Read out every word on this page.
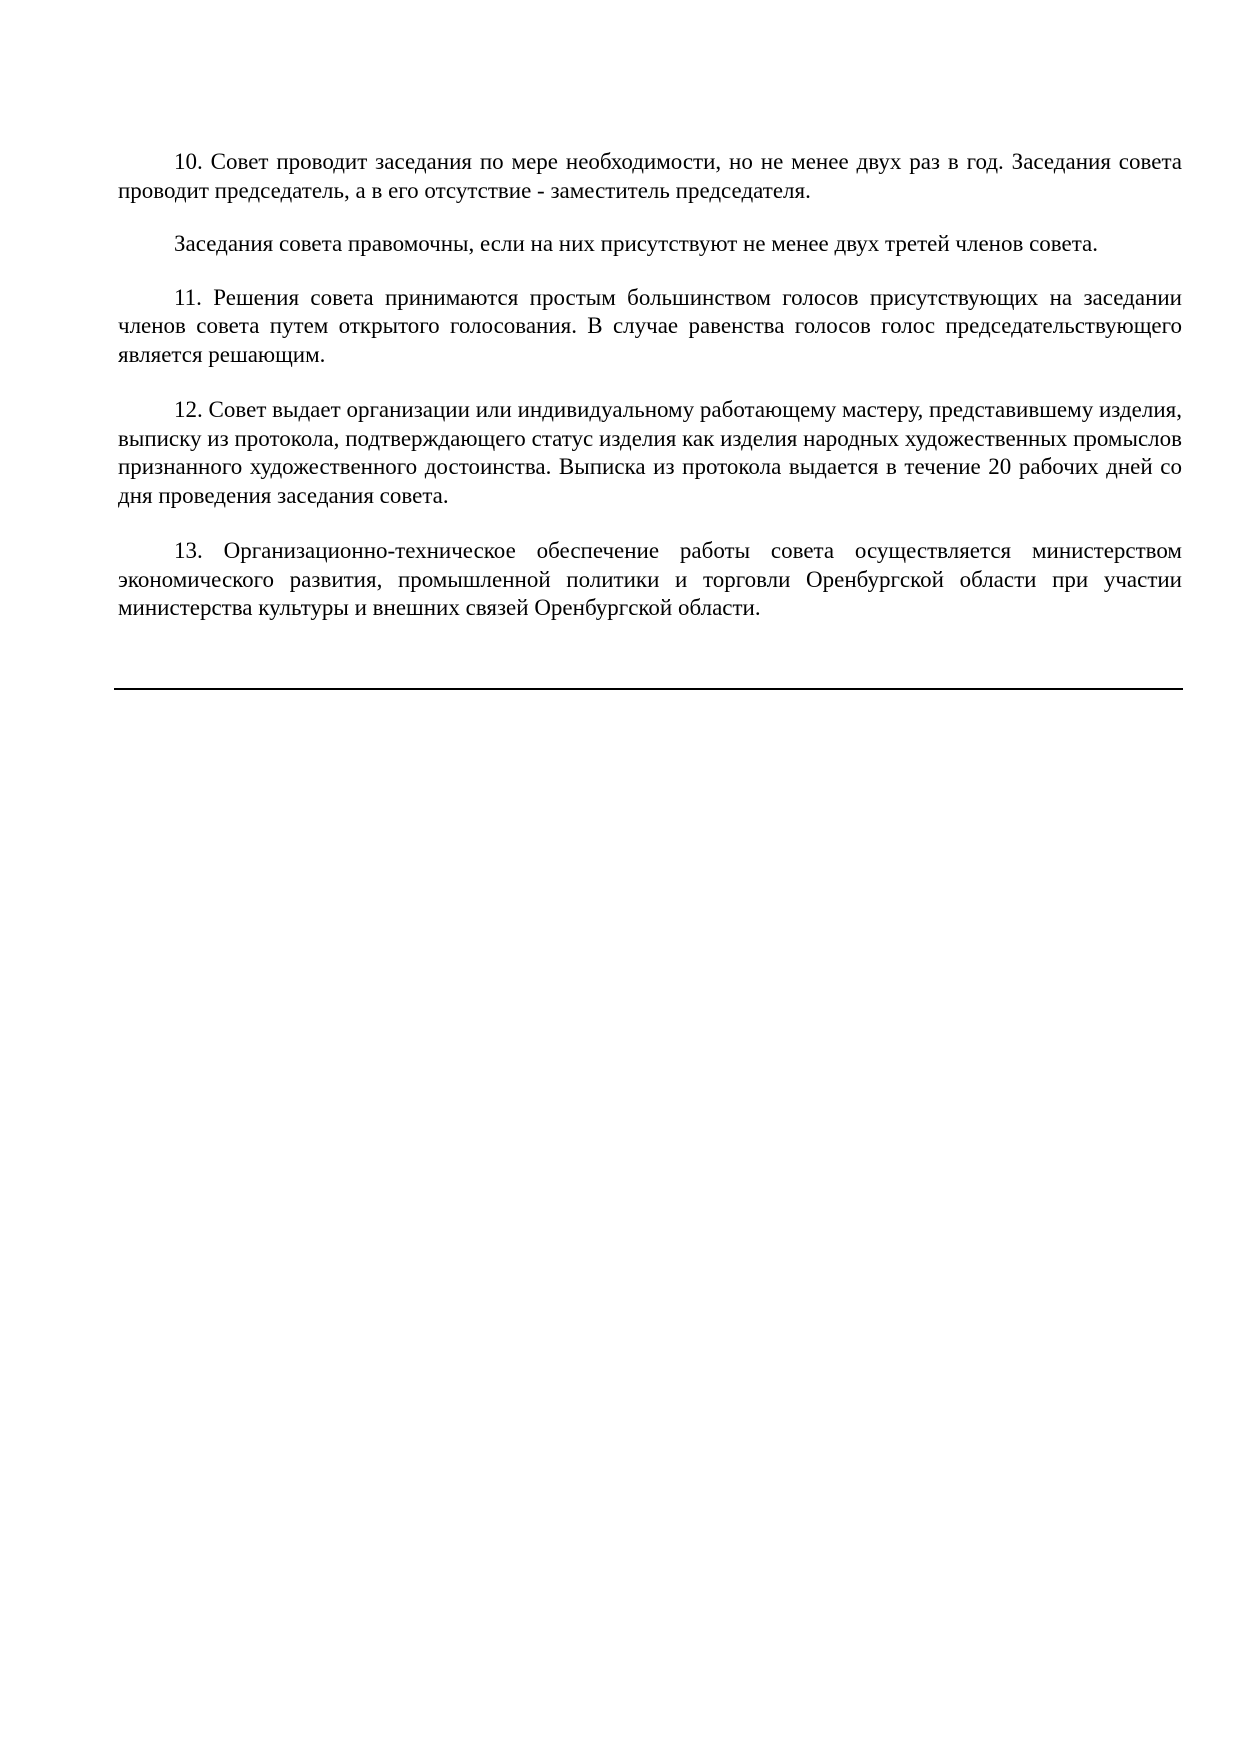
10. Совет проводит заседания по мере необходимости, но не менее двух раз в год. Заседания совета проводит председатель, а в его отсутствие - заместитель председателя.

Заседания совета правомочны, если на них присутствуют не менее двух третей членов совета.

11. Решения совета принимаются простым большинством голосов присутствующих на заседании членов совета путем открытого голосования. В случае равенства голосов голос председательствующего является решающим.

12. Совет выдает организации или индивидуальному работающему мастеру, представившему изделия, выписку из протокола, подтверждающего статус изделия как изделия народных художественных промыслов признанного художественного достоинства. Выписка из протокола выдается в течение 20 рабочих дней со дня проведения заседания совета.

13. Организационно-техническое обеспечение работы совета осуществляется министерством экономического развития, промышленной политики и торговли Оренбургской области при участии министерства культуры и внешних связей Оренбургской области.
